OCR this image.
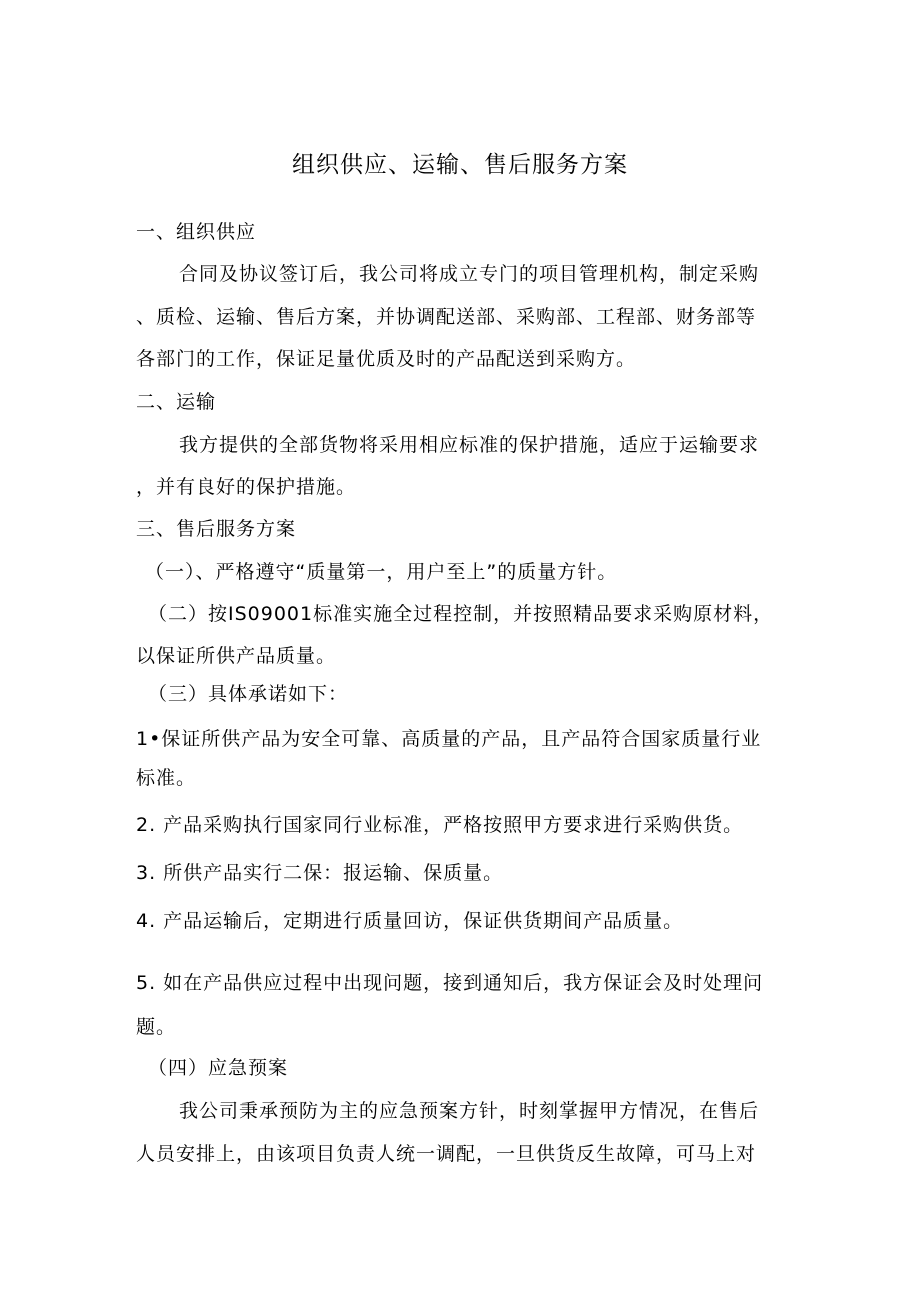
组织供应、运输、售后服务方案
一、组织供应
合同及协议签订后，我公司将成立专门的项目管理机构，制定采购
、质检、运输、售后方案，并协调配送部、采购部、工程部、财务部等
各部门的工作，保证足量优质及时的产品配送到采购方。
二、运输
我方提供的全部货物将采用相应标准的保护措施，适应于运输要求
，并有良好的保护措施。
三、售后服务方案
（一）、严格遵守“质量第一，用户至上”的质量方针。
（二）按IS09001标准实施全过程控制，并按照精品要求采购原材料，
以保证所供产品质量。
（三）具体承诺如下：
1•保证所供产品为安全可靠、高质量的产品，且产品符合国家质量行业
标准。
2. 产品采购执行国家同行业标准，严格按照甲方要求进行采购供货。
3. 所供产品实行二保：报运输、保质量。
4. 产品运输后，定期进行质量回访，保证供货期间产品质量。
5. 如在产品供应过程中出现问题，接到通知后，我方保证会及时处理问
题。
（四）应急预案
我公司秉承预防为主的应急预案方针，时刻掌握甲方情况，在售后
人员安排上，由该项目负责人统一调配，一旦供货反生故障，可马上对
